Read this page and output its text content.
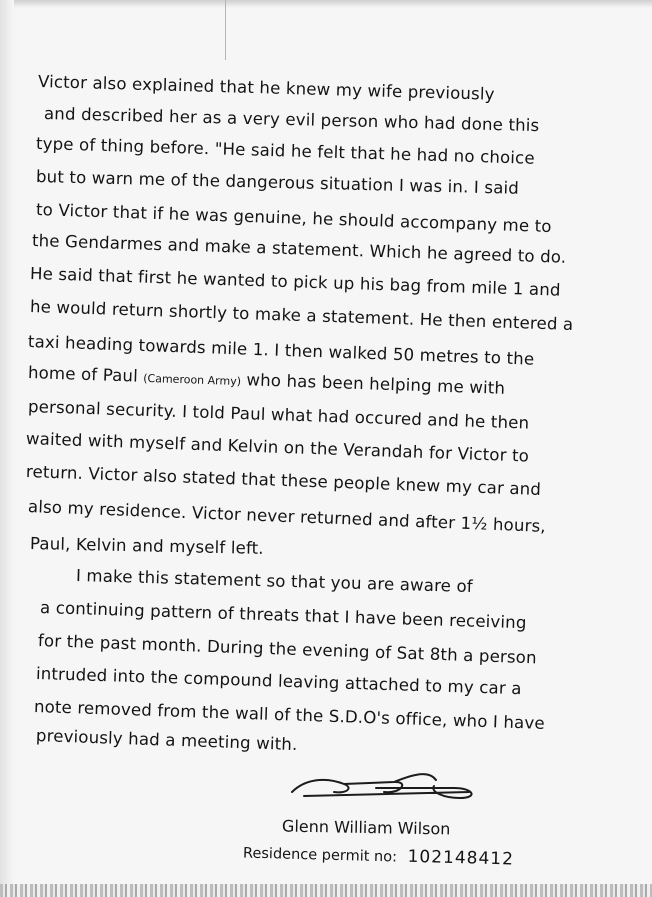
Victor also explained that he knew my wife previously
and described her as a very evil person who had done this
type of thing before. "He said he felt that he had no choice
but to warn me of the dangerous situation I was in. I said
to Victor that if he was genuine, he should accompany me to
the Gendarmes and make a statement. Which he agreed to do.
He said that first he wanted to pick up his bag from mile 1 and
he would return shortly to make a statement. He then entered a
taxi heading towards mile 1. I then walked 50 metres to the
home of Paul (Cameroon Army) who has been helping me with
personal security. I told Paul what had occured and he then
waited with myself and Kelvin on the Verandah for Victor to
return. Victor also stated that these people knew my car and
also my residence. Victor never returned and after 1½ hours,
Paul, Kelvin and myself left.
I make this statement so that you are aware of
a continuing pattern of threats that I have been receiving
for the past month. During the evening of Sat 8th a person
intruded into the compound leaving attached to my car a
note removed from the wall of the S.D.O's office, who I have
previously had a meeting with.
Glenn William Wilson
Residence permit no: 102148412
